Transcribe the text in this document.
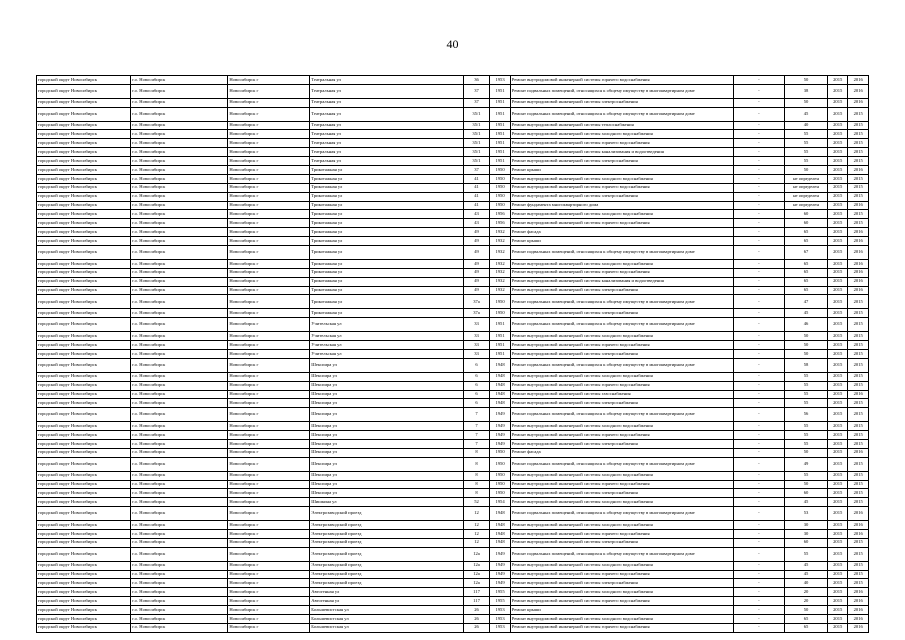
40
городской округ Новосибирск	г.о. Новосибирск	Новосибирск г	Театральная ул	36	1953	Ремонт внутридомовой инженерной системы горячего водоснабжения	-	50	2015	2016
городской округ Новосибирск	г.о. Новосибирск	Новосибирск г	Театральная ул	37	1951	Ремонт подвальных помещений, относящихся к общему имуществу в многоквартирном доме	-	38	2015	2016
городской округ Новосибирск	г.о. Новосибирск	Новосибирск г	Театральная ул	37	1951	Ремонт внутридомовой инженерной системы электроснабжения	-	50	2015	2016
городской округ Новосибирск	г.о. Новосибирск	Новосибирск г	Театральная ул	35/1	1951	Ремонт подвальных помещений, относящихся к общему имуществу в многоквартирном доме	-	45	2015	2015
городской округ Новосибирск	г.о. Новосибирск	Новосибирск г	Театральная ул	35/1	1951	Ремонт внутридомовой инженерной системы теплоснабжения	-	40	2015	2015
городской округ Новосибирск	г.о. Новосибирск	Новосибирск г	Театральная ул	35/1	1951	Ремонт внутридомовой инженерной системы холодного водоснабжения	-	55	2015	2015
городской округ Новосибирск	г.о. Новосибирск	Новосибирск г	Театральная ул	35/1	1951	Ремонт внутридомовой инженерной системы горячего водоснабжения	-	55	2015	2015
городской округ Новосибирск	г.о. Новосибирск	Новосибирск г	Театральная ул	35/1	1951	Ремонт внутридомовой инженерной системы канализования и водоотведения	-	55	2015	2015
городской округ Новосибирск	г.о. Новосибирск	Новосибирск г	Театральная ул	35/1	1951	Ремонт внутридомовой инженерной системы электроснабжения	-	55	2015	2015
городской округ Новосибирск	г.о. Новосибирск	Новосибирск г	Трикотажная ул	37	1950	Ремонт крыши	-	50	2015	2016
городской округ Новосибирск	г.о. Новосибирск	Новосибирск г	Трикотажная ул	41	1950	Ремонт внутридомовой инженерной системы холодного водоснабжения	-	не определен	2015	2015
городской округ Новосибирск	г.о. Новосибирск	Новосибирск г	Трикотажная ул	41	1950	Ремонт внутридомовой инженерной системы горячего водоснабжения	-	не определен	2015	2015
городской округ Новосибирск	г.о. Новосибирск	Новосибирск г	Трикотажная ул	41	1950	Ремонт внутридомовой инженерной системы электроснабжения	-	не определен	2015	2015
городской округ Новосибирск	г.о. Новосибирск	Новосибирск г	Трикотажная ул	41	1950	Ремонт фундамента многоквартирного дома	-	не определен	2015	2016
городской округ Новосибирск	г.о. Новосибирск	Новосибирск г	Трикотажная ул	43	1956	Ремонт внутридомовой инженерной системы холодного водоснабжения	-	60	2015	2015
городской округ Новосибирск	г.о. Новосибирск	Новосибирск г	Трикотажная ул	43	1956	Ремонт внутридомовой инженерной системы горячего водоснабжения	-	60	2015	2015
городской округ Новосибирск	г.о. Новосибирск	Новосибирск г	Трикотажная ул	49	1932	Ремонт фасада	-	65	2015	2016
городской округ Новосибирск	г.о. Новосибирск	Новосибирск г	Трикотажная ул	49	1932	Ремонт крыши	-	65	2015	2016
городской округ Новосибирск	г.о. Новосибирск	Новосибирск г	Трикотажная ул	49	1932	Ремонт подвальных помещений, относящихся к общему имуществу в многоквартирном доме	-	67	2015	2016
городской округ Новосибирск	г.о. Новосибирск	Новосибирск г	Трикотажная ул	49	1932	Ремонт внутридомовой инженерной системы холодного водоснабжения	-	65	2015	2016
городской округ Новосибирск	г.о. Новосибирск	Новосибирск г	Трикотажная ул	49	1932	Ремонт внутридомовой инженерной системы горячего водоснабжения	-	65	2015	2016
городской округ Новосибирск	г.о. Новосибирск	Новосибирск г	Трикотажная ул	49	1932	Ремонт внутридомовой инженерной системы канализования и водоотведения	-	65	2015	2016
городской округ Новосибирск	г.о. Новосибирск	Новосибирск г	Трикотажная ул	49	1932	Ремонт внутридомовой инженерной системы электроснабжения	-	65	2015	2016
городской округ Новосибирск	г.о. Новосибирск	Новосибирск г	Трикотажная ул	37а	1950	Ремонт подвальных помещений, относящихся к общему имуществу в многоквартирном доме	-	47	2015	2015
городской округ Новосибирск	г.о. Новосибирск	Новосибирск г	Трикотажная ул	37а	1950	Ремонт внутридомовой инженерной системы электроснабжения	-	45	2015	2015
городской округ Новосибирск	г.о. Новосибирск	Новосибирск г	Учительская ул	33	1951	Ремонт подвальных помещений, относящихся к общему имуществу в многоквартирном доме	-	46	2015	2015
городской округ Новосибирск	г.о. Новосибирск	Новосибирск г	Учительская ул	33	1951	Ремонт внутридомовой инженерной системы холодного водоснабжения	-	50	2015	2015
городской округ Новосибирск	г.о. Новосибирск	Новосибирск г	Учительская ул	33	1951	Ремонт внутридомовой инженерной системы горячего водоснабжения	-	50	2015	2015
городской округ Новосибирск	г.о. Новосибирск	Новосибирск г	Учительская ул	33	1951	Ремонт внутридомовой инженерной системы электроснабжения	-	50	2015	2015
городской округ Новосибирск	г.о. Новосибирск	Новосибирск г	Шекспира ул	6	1948	Ремонт подвальных помещений, относящихся к общему имуществу в многоквартирном доме	-	58	2015	2015
городской округ Новосибирск	г.о. Новосибирск	Новосибирск г	Шекспира ул	6	1948	Ремонт внутридомовой инженерной системы холодного водоснабжения	-	55	2015	2015
городской округ Новосибирск	г.о. Новосибирск	Новосибирск г	Шекспира ул	6	1948	Ремонт внутридомовой инженерной системы горячего водоснабжения	-	55	2015	2015
городской округ Новосибирск	г.о. Новосибирск	Новосибирск г	Шекспира ул	6	1948	Ремонт внутридомовой инженерной системы газоснабжения	-	55	2015	2016
городской округ Новосибирск	г.о. Новосибирск	Новосибирск г	Шекспира ул	6	1948	Ремонт внутридомовой инженерной системы электроснабжения	-	55	2015	2015
городской округ Новосибирск	г.о. Новосибирск	Новосибирск г	Шекспира ул	7	1949	Ремонт подвальных помещений, относящихся к общему имуществу в многоквартирном доме	-	56	2015	2015
городской округ Новосибирск	г.о. Новосибирск	Новосибирск г	Шекспира ул	7	1949	Ремонт внутридомовой инженерной системы холодного водоснабжения	-	55	2015	2015
городской округ Новосибирск	г.о. Новосибирск	Новосибирск г	Шекспира ул	7	1949	Ремонт внутридомовой инженерной системы горячего водоснабжения	-	55	2015	2015
городской округ Новосибирск	г.о. Новосибирск	Новосибирск г	Шекспира ул	7	1949	Ремонт внутридомовой инженерной системы электроснабжения	-	55	2015	2015
городской округ Новосибирск	г.о. Новосибирск	Новосибирск г	Шекспира ул	8	1950	Ремонт фасада	-	50	2015	2016
городской округ Новосибирск	г.о. Новосибирск	Новосибирск г	Шекспира ул	8	1950	Ремонт подвальных помещений, относящихся к общему имуществу в многоквартирном доме	-	49	2015	2015
городской округ Новосибирск	г.о. Новосибирск	Новосибирск г	Шекспира ул	8	1950	Ремонт внутридомовой инженерной системы холодного водоснабжения	-	55	2015	2015
городской округ Новосибирск	г.о. Новосибирск	Новосибирск г	Шекспира ул	8	1950	Ремонт внутридомовой инженерной системы горячего водоснабжения	-	50	2015	2015
городской округ Новосибирск	г.о. Новосибирск	Новосибирск г	Шекспира ул	8	1950	Ремонт внутридомовой инженерной системы электроснабжения	-	60	2015	2015
городской округ Новосибирск	г.о. Новосибирск	Новосибирск г	Шишкина ул	52	1954	Ремонт внутридомовой инженерной системы холодного водоснабжения	-	45	2015	2015
городской округ Новосибирск	г.о. Новосибирск	Новосибирск г	Электрозаводский проезд	12	1948	Ремонт подвальных помещений, относящихся к общему имуществу в многоквартирном доме	-	53	2015	2016
городской округ Новосибирск	г.о. Новосибирск	Новосибирск г	Электрозаводский проезд	12	1948	Ремонт внутридомовой инженерной системы холодного водоснабжения	-	30	2015	2016
городской округ Новосибирск	г.о. Новосибирск	Новосибирск г	Электрозаводский проезд	12	1948	Ремонт внутридомовой инженерной системы горячего водоснабжения	-	30	2015	2016
городской округ Новосибирск	г.о. Новосибирск	Новосибирск г	Электрозаводский проезд	12	1948	Ремонт внутридомовой инженерной системы электроснабжения	-	60	2015	2015
городской округ Новосибирск	г.о. Новосибирск	Новосибирск г	Электрозаводский проезд	12а	1949	Ремонт подвальных помещений, относящихся к общему имуществу в многоквартирном доме	-	55	2015	2015
городской округ Новосибирск	г.о. Новосибирск	Новосибирск г	Электрозаводский проезд	12а	1949	Ремонт внутридомовой инженерной системы холодного водоснабжения	-	45	2015	2015
городской округ Новосибирск	г.о. Новосибирск	Новосибирск г	Электрозаводский проезд	12а	1949	Ремонт внутридомовой инженерной системы горячего водоснабжения	-	45	2015	2015
городской округ Новосибирск	г.о. Новосибирск	Новосибирск г	Электрозаводский проезд	12а	1949	Ремонт внутридомовой инженерной системы электроснабжения	-	40	2015	2015
городской округ Новосибирск	г.о. Новосибирск	Новосибирск г	Автогенная ул	117	1955	Ремонт внутридомовой инженерной системы холодного водоснабжения	-	20	2015	2016
городской округ Новосибирск	г.о. Новосибирск	Новосибирск г	Автогенная ул	117	1955	Ремонт внутридомовой инженерной системы горячего водоснабжения	-	20	2015	2016
городской округ Новосибирск	г.о. Новосибирск	Новосибирск г	Большевистская ул	26	1953	Ремонт крыши	-	50	2015	2016
городской округ Новосибирск	г.о. Новосибирск	Новосибирск г	Большевистская ул	26	1953	Ремонт внутридомовой инженерной системы холодного водоснабжения	-	65	2015	2016
городской округ Новосибирск	г.о. Новосибирск	Новосибирск г	Большевистская ул	26	1953	Ремонт внутридомовой инженерной системы горячего водоснабжения	-	65	2015	2016
